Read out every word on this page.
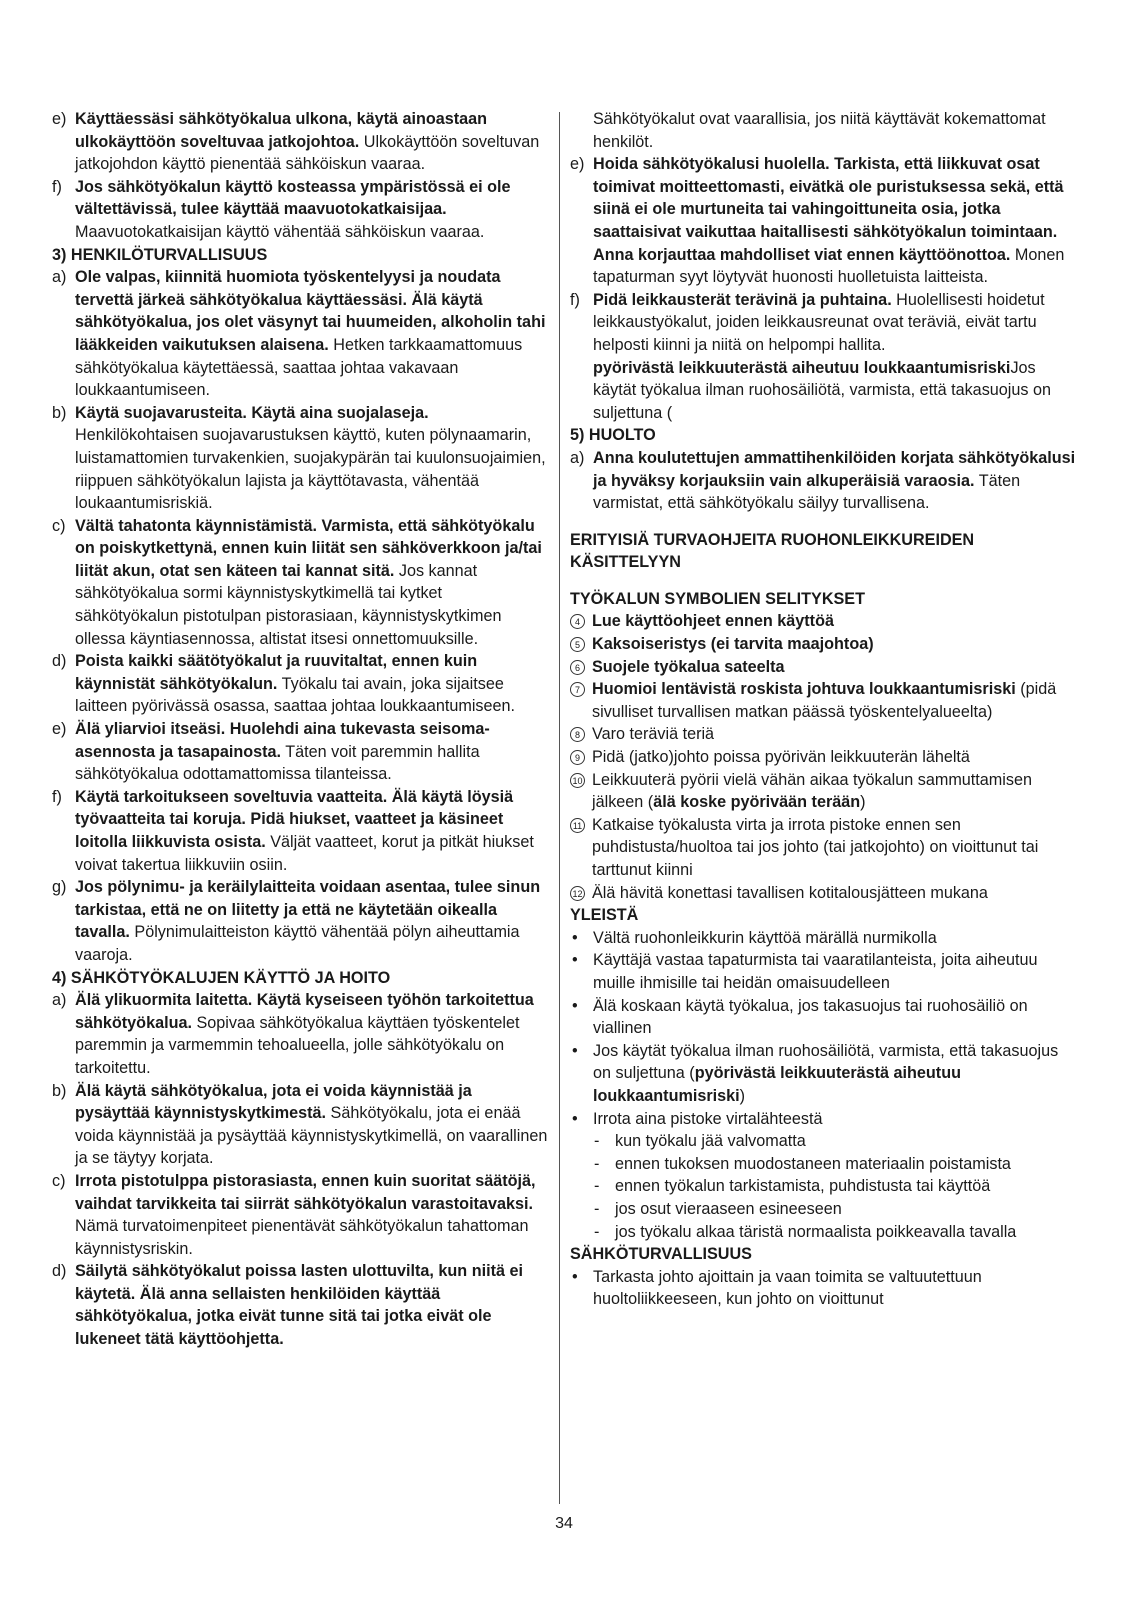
e) Käyttäessäsi sähkötyökalua ulkona, käytä ainoastaan ulkokäyttöön soveltuvaa jatkojohtoa. Ulkokäyttöön soveltuvan jatkojohdon käyttö pienentää sähköiskun vaaraa.
f) Jos sähkötyökalun käyttö kosteassa ympäristössä ei ole vältettävissä, tulee käyttää maavuotokatkaisijaa. Maavuotokatkaisijan käyttö vähentää sähköiskun vaaraa.
3) HENKILÖTURVALLISUUS
a) Ole valpas, kiinnitä huomiota työskentelyysi ja noudata tervettä järkeä sähkötyökalua käyttäessäsi. Älä käytä sähkötyökalua, jos olet väsynyt tai huumeiden, alkoholin tahi lääkkeiden vaikutuksen alaisena. Hetken tarkkaamattomuus sähkötyökalua käytettäessä, saattaa johtaa vakavaan loukkaantumiseen.
b) Käytä suojavarusteita. Käytä aina suojalaseja. Henkilökohtaisen suojavarustuksen käyttö, kuten pölynaamarin, luistamattomien turvakenkien, suojakypärän tai kuulonsuojaimien, riippuen sähkötyökalun lajista ja käyttötavasta, vähentää loukaantumisriskiä.
c) Vältä tahatonta käynnistämistä. Varmista, että sähkötyökalu on poiskytkettynä, ennen kuin liität sen sähköverkkoon ja/tai liität akun, otat sen käteen tai kannat sitä. Jos kannat sähkötyökalua sormi käynnistyskytkimellä tai kytket sähkötyökalun pistotulpan pistorasiaan, käynnistyskytkimen ollessa käyntiasennossa, altistat itsesi onnettomuuksille.
d) Poista kaikki säätötyökalut ja ruuvitaltat, ennen kuin käynnistät sähkötyökalun. Työkalu tai avain, joka sijaitsee laitteen pyörivässä osassa, saattaa johtaa loukkaantumiseen.
e) Älä yliarvioi itseäsi. Huolehdi aina tukevasta seisoma-asennosta ja tasapainosta. Täten voit paremmin hallita sähkötyökalua odottamattomissa tilanteissa.
f) Käytä tarkoitukseen soveltuvia vaatteita. Älä käytä löysiä työvaatteita tai koruja. Pidä hiukset, vaatteet ja käsineet loitolla liikkuvista osista. Väljät vaatteet, korut ja pitkät hiukset voivat takertua liikkuviin osiin.
g) Jos pölynimu- ja keräilylaitteita voidaan asentaa, tulee sinun tarkistaa, että ne on liitetty ja että ne käytetään oikealla tavalla. Pölynimulaitteiston käyttö vähentää pölyn aiheuttamia vaaroja.
4) SÄHKÖTYÖKALUJEN KÄYTTÖ JA HOITO
a) Älä ylikuormita laitetta. Käytä kyseiseen työhön tarkoitettua sähkötyökalua. Sopivaa sähkötyökalua käyttäen työskentelet paremmin ja varmemmin tehoalueella, jolle sähkötyökalu on tarkoitettu.
b) Älä käytä sähkötyökalua, jota ei voida käynnistää ja pysäyttää käynnistyskytkimestä. Sähkötyökalu, jota ei enää voida käynnistää ja pysäyttää käynnistyskytkimellä, on vaarallinen ja se täytyy korjata.
c) Irrota pistotulppa pistorasiasta, ennen kuin suoritat säätöjä, vaihdat tarvikkeita tai siirrät sähkötyökalun varastoitavaksi. Nämä turvatoimenpiteet pienentävät sähkötyökalun tahattoman käynnistysriskin.
d) Säilytä sähkötyökalut poissa lasten ulottuvilta, kun niitä ei käytetä. Älä anna sellaisten henkilöiden käyttää sähkötyökalua, jotka eivät tunne sitä tai jotka eivät ole lukeneet tätä käyttöohjetta.
Sähkötyökalut ovat vaarallisia, jos niitä käyttävät kokemattomat henkilöt.
e) Hoida sähkötyökalusi huolella. Tarkista, että liikkuvat osat toimivat moitteettomasti, eivätkä ole puristuksessa sekä, että siinä ei ole murtuneita tai vahingoittuneita osia, jotka saattaisivat vaikuttaa haitallisesti sähkötyökalun toimintaan. Anna korjauttaa mahdolliset viat ennen käyttöönottoa. Monen tapaturman syyt löytyvät huonosti huolletuista laitteista.
f) Pidä leikkausterät terävinä ja puhtaina. Huolellisesti hoidetut leikkaustyökalut, joiden leikkausreunat ovat teräviä, eivät tartu helposti kiinni ja niitä on helpompi hallita.
pyörivästä leikkuuterästä aiheutuu loukkaantumisriskiJos käytät työkalua ilman ruohosäiliötä, varmista, että takasuojus on suljettuna (
5) HUOLTO
a) Anna koulutettujen ammattihenkilöiden korjata sähkötyökalusi ja hyväksy korjauksiin vain alkuperäisiä varaosia. Täten varmistat, että sähkötyökalu säilyy turvallisena.
ERITYISIÄ TURVAOHJEITA RUOHONLEIKKUREIDEN KÄSITTELYYN
TYÖKALUN SYMBOLIEN SELITYKSET
4 Lue käyttöohjeet ennen käyttöä
5 Kaksoiseristys (ei tarvita maajohtoa)
6 Suojele työkalua sateelta
7 Huomioi lentävistä roskista johtuva loukkaantumisriski (pidä sivulliset turvallisen matkan päässä työskentelyalueelta)
8 Varo teräviä teriä
9 Pidä (jatko)johto poissa pyörivän leikkuuterän läheltä
10 Leikkuuterä pyörii vielä vähän aikaa työkalun sammuttamisen jälkeen (älä koske pyörivään terään)
11 Katkaise työkalusta virta ja irrota pistoke ennen sen puhdistusta/huoltoa tai jos johto (tai jatkojohto) on vioittunut tai tarttunut kiinni
12 Älä hävitä konettasi tavallisen kotitalousjätteen mukana
YLEISTÄ
• Vältä ruohonleikkurin käyttöä märällä nurmikolla
• Käyttäjä vastaa tapaturmista tai vaaratilanteista, joita aiheutuu muille ihmisille tai heidän omaisuudelleen
• Älä koskaan käytä työkalua, jos takasuojus tai ruohosäiliö on viallinen
• Jos käytät työkalua ilman ruohosäiliötä, varmista, että takasuojus on suljettuna (pyörivästä leikkuuterästä aiheutuu loukkaantumisriski)
• Irrota aina pistoke virtalähteestä
- kun työkalu jää valvomatta
- ennen tukoksen muodostaneen materiaalin poistamista
- ennen työkalun tarkistamista, puhdistusta tai käyttöä
- jos osut vieraaseen esineeseen
- jos työkalu alkaa täristä normaalista poikkeavalla tavalla
SÄHKÖTURVALLISUUS
• Tarkasta johto ajoittain ja vaan toimita se valtuutettuun huoltoliikkeeseen, kun johto on vioittunut
34
